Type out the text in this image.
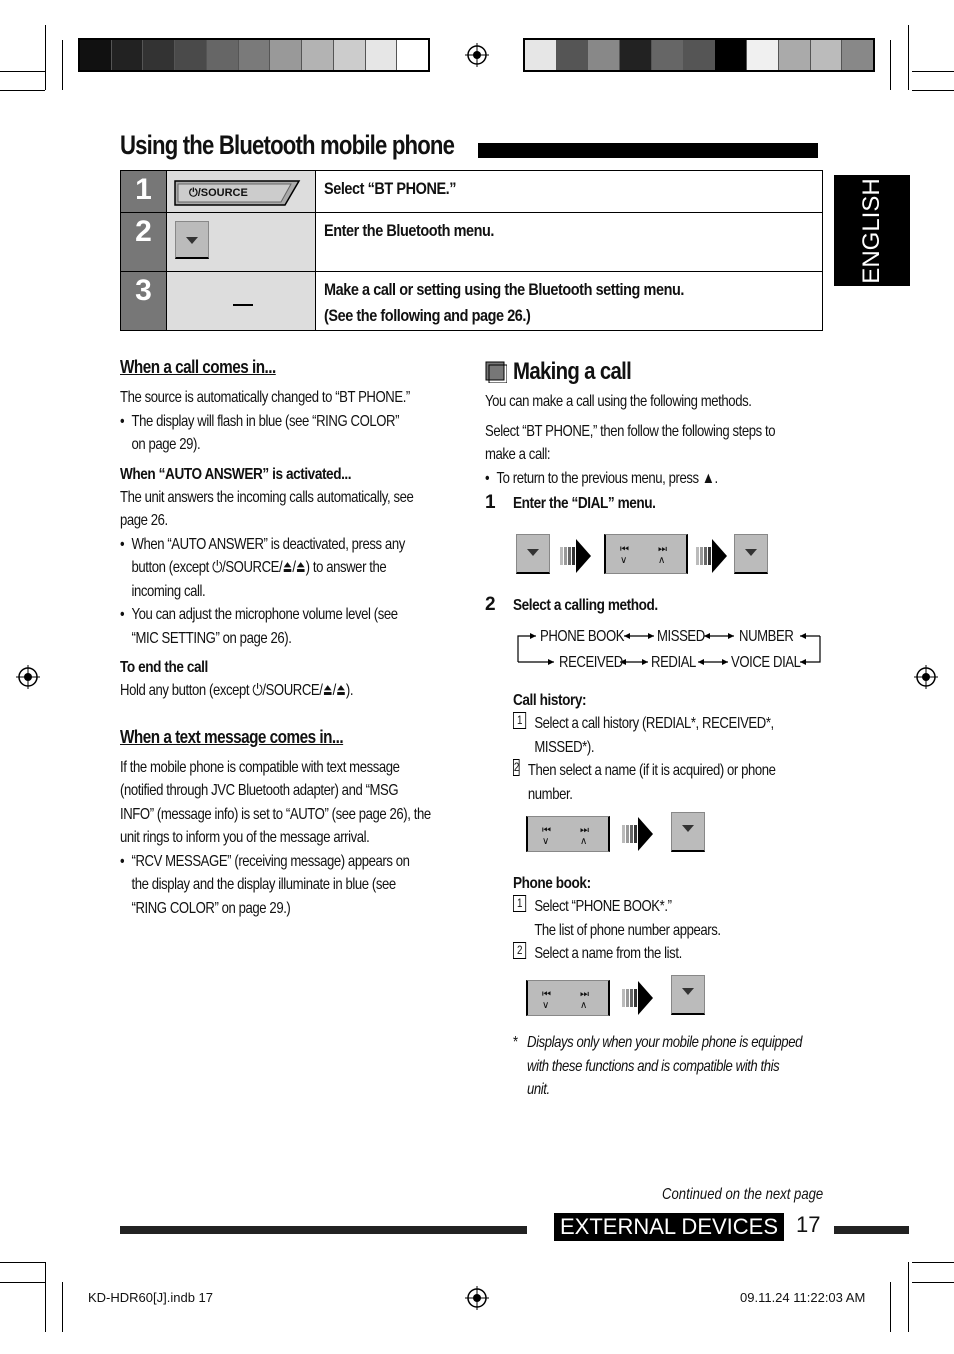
Using the Bluetooth mobile phone
1	⏻/SOURCE	Select “BT PHONE.”
2	Enter the Bluetooth menu.
3	Make a call or setting using the Bluetooth setting menu.
(See the following and page 26.)
ENGLISH
When a call comes in...
The source is automatically changed to “BT PHONE.”
• The display will flash in blue (see “RING COLOR”
on page 29).
When “AUTO ANSWER” is activated...
The unit answers the incoming calls automatically, see
page 26.
• When “AUTO ANSWER” is deactivated, press any
button (except ⏻/SOURCE/⏏/⏏) to answer the
incoming call.
• You can adjust the microphone volume level (see
“MIC SETTING” on page 26).
To end the call
Hold any button (except ⏻/SOURCE/⏏/⏏).
When a text message comes in...
If the mobile phone is compatible with text message
(notified through JVC Bluetooth adapter) and “MSG
INFO” (message info) is set to “AUTO” (see page 26), the
unit rings to inform you of the message arrival.
• “RCV MESSAGE” (receiving message) appears on
the display and the display illuminate in blue (see
“RING COLOR” on page 29.)
Making a call
You can make a call using the following methods.
Select “BT PHONE,” then follow the following steps to
make a call:
• To return to the previous menu, press ▲.
1	Enter the “DIAL” menu.
⏮
∨
⏭
∧
2	Select a calling method.
PHONE BOOK MISSED NUMBER
RECEIVED REDIAL VOICE DIAL
Call history:
1 Select a call history (REDIAL*, RECEIVED*,
MISSED*).
2 Then select a name (if it is acquired) or phone
number.
⏮
∨
⏭
∧
Phone book:
1 Select “PHONE BOOK*.”
The list of phone number appears.
2 Select a name from the list.
⏮
∨
⏭
∧
* Displays only when your mobile phone is equipped
with these functions and is compatible with this
unit.
Continued on the next page
EXTERNAL DEVICES 17
KD-HDR60[J].indb 17	09.11.24 11:22:03 AM
